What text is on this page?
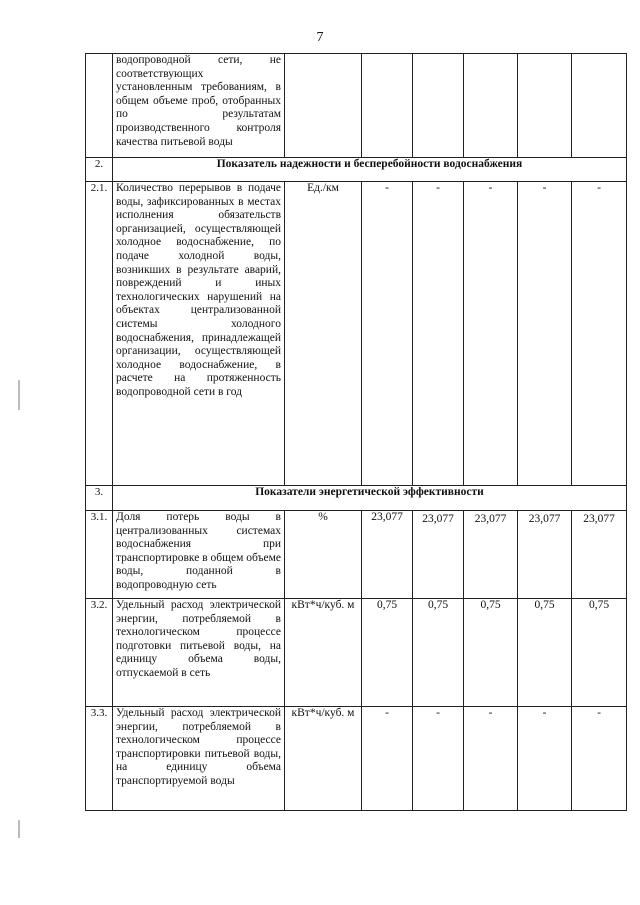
7
	водопроводной сети, не соответствующих установленным требованиям, в общем объеме проб, отобранных по результатам производственного контроля качества питьевой воды						
2.	Показатель надежности и бесперебойности водоснабжения						
2.1.	Количество перерывов в подаче воды, зафиксированных в местах исполнения обязательств организацией, осуществляющей холодное водоснабжение, по подаче холодной воды, возникших в результате аварий, повреждений и иных технологических нарушений на объектах централизованной системы холодного водоснабжения, принадлежащей организации, осуществляющей холодное водоснабжение, в расчете на протяженность водопроводной сети в год	Ед./км	-	-	-	-	-
3.	Показатели энергетической эффективности						
3.1.	Доля потерь воды в централизованных системах водоснабжения при транспортировке в общем объеме воды, поданной в водопроводную сеть	%	23,077	23,077	23,077	23,077	23,077
3.2.	Удельный расход электрической энергии, потребляемой в технологическом процессе подготовки питьевой воды, на единицу объема воды, отпускаемой в сеть	кВт*ч/куб. м	0,75	0,75	0,75	0,75	0,75
3.3.	Удельный расход электрической энергии, потребляемой в технологическом процессе транспортировки питьевой воды, на единицу объема транспортируемой воды	кВт*ч/куб. м	-	-	-	-	-
